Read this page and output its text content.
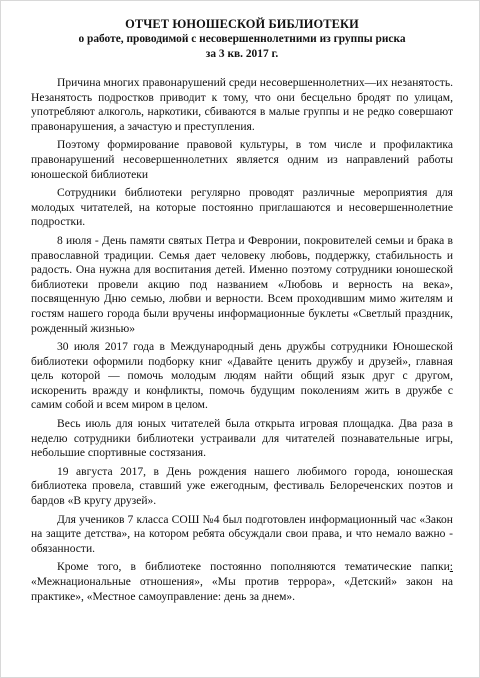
ОТЧЕТ ЮНОШЕСКОЙ БИБЛИОТЕКИ
о работе, проводимой с несовершеннолетними из группы риска
за 3 кв. 2017 г.

Причина многих правонарушений среди несовершеннолетних—их незанятость. Незанятость подростков приводит к тому, что они бесцельно бродят по улицам, употребляют алкоголь, наркотики, сбиваются в малые группы и не редко совершают правонарушения, а зачастую и преступления.

Поэтому формирование правовой культуры, в том числе и профилактика правонарушений несовершеннолетних является одним из направлений работы юношеской библиотеки

Сотрудники библиотеки регулярно проводят различные мероприятия для молодых читателей, на которые постоянно приглашаются и несовершеннолетние подростки.

8 июля - День памяти святых Петра и Февронии, покровителей семьи и брака в православной традиции. Семья дает человеку любовь, поддержку, стабильность и радость. Она нужна для воспитания детей. Именно поэтому сотрудники юношеской библиотеки провели акцию под названием «Любовь и верность на века», посвященную Дню семью, любви и верности. Всем проходившим мимо жителям и гостям нашего города были вручены информационные буклеты «Светлый праздник, рожденный жизнью»

30 июля 2017 года в Международный день дружбы сотрудники Юношеской библиотеки оформили подборку книг «Давайте ценить дружбу и друзей», главная цель которой — помочь молодым людям найти общий язык друг с другом, искоренить вражду и конфликты, помочь будущим поколениям жить в дружбе с самим собой и всем миром в целом.

Весь июль для юных читателей была открыта игровая площадка. Два раза в неделю сотрудники библиотеки устраивали для читателей познавательные игры, небольшие спортивные состязания.

19 августа 2017, в День рождения нашего любимого города, юношеская библиотека провела, ставший уже ежегодным, фестиваль Белореченских поэтов и бардов «В кругу друзей».

Для учеников 7 класса СОШ №4 был подготовлен информационный час «Закон на защите детства», на котором ребята обсуждали свои права, и что немало важно - обязанности.

Кроме того, в библиотеке постоянно пополняются тематические папки: «Межнациональные отношения», «Мы против террора», «Детский» закон на практике», «Местное самоуправление: день за днем».
